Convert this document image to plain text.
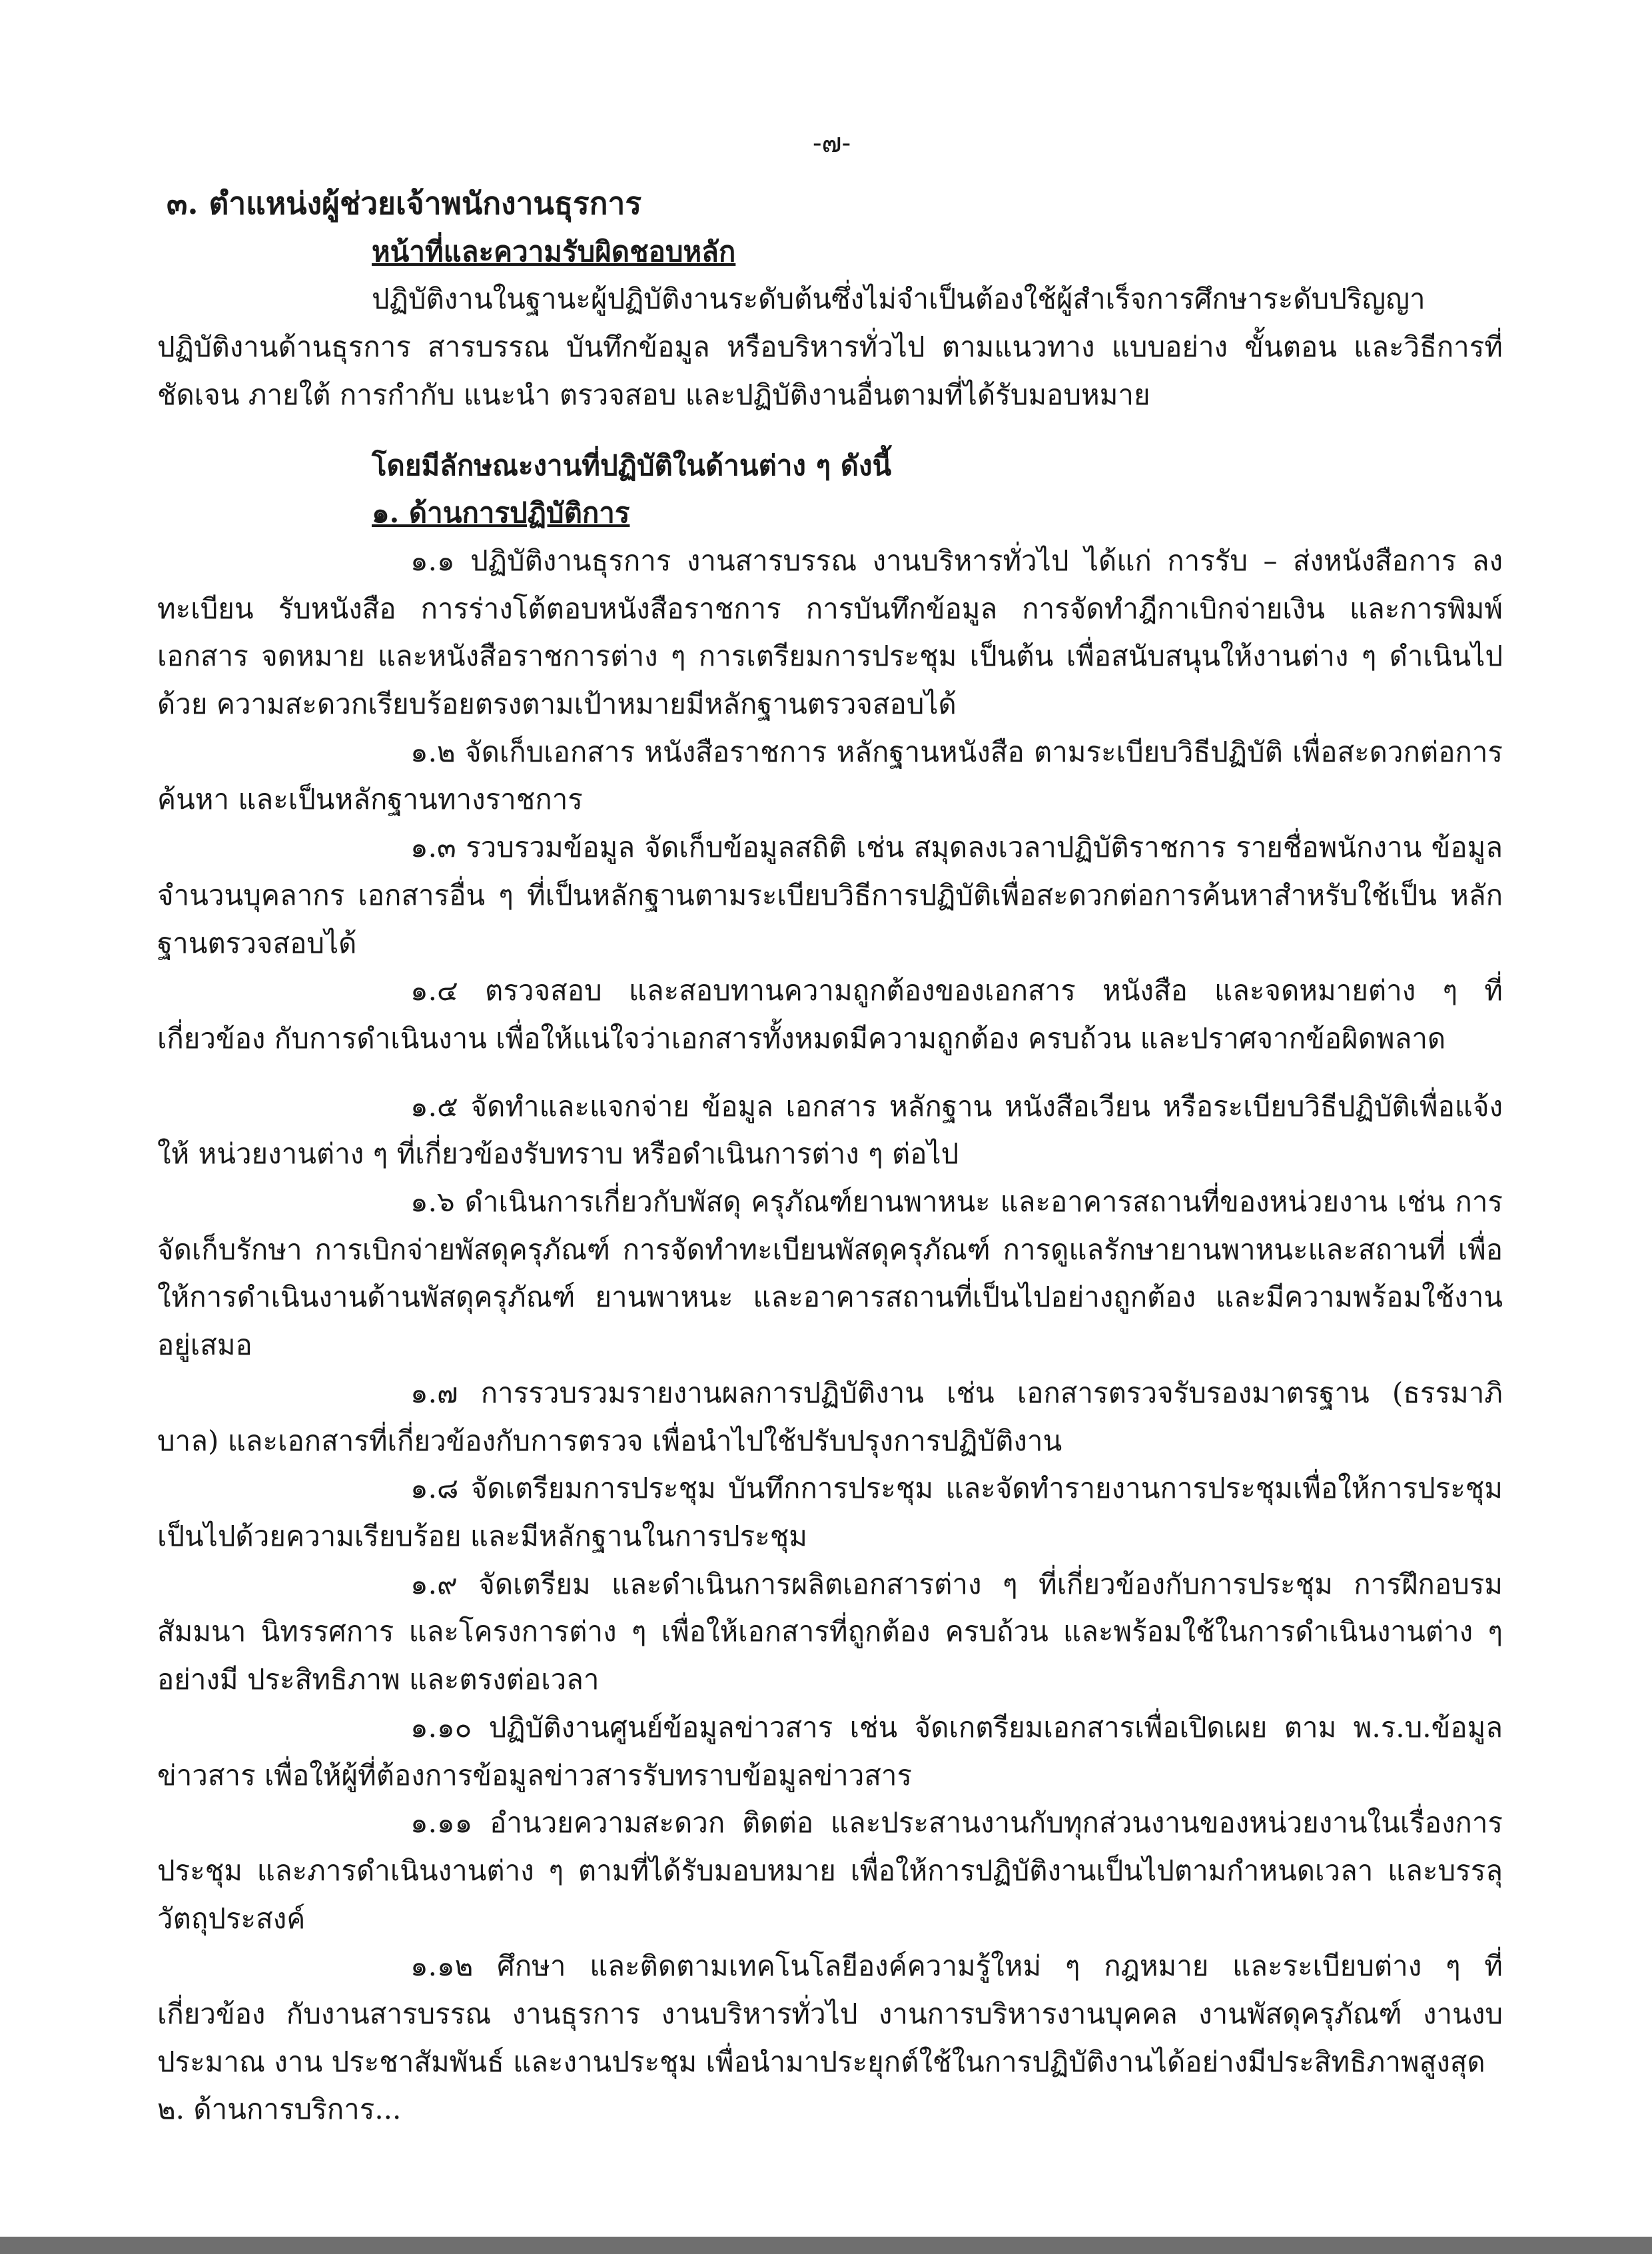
-๗-

๓. ตำแหน่งผู้ช่วยเจ้าพนักงานธุรการ

หน้าที่และความรับผิดชอบหลัก

ปฏิบัติงานในฐานะผู้ปฏิบัติงานระดับต้นซึ่งไม่จำเป็นต้องใช้ผู้สำเร็จการศึกษาระดับปริญญา ปฏิบัติงานด้านธุรการ สารบรรณ บันทึกข้อมูล หรือบริหารทั่วไป ตามแนวทาง แบบอย่าง ขั้นตอน และวิธีการที่ชัดเจน ภายใต้ การกำกับ แนะนำ ตรวจสอบ และปฏิบัติงานอื่นตามที่ได้รับมอบหมาย

โดยมีลักษณะงานที่ปฏิบัติในด้านต่าง ๆ ดังนี้

๑. ด้านการปฏิบัติการ

๑.๑ ปฏิบัติงานธุรการ งานสารบรรณ งานบริหารทั่วไป ได้แก่ การรับ – ส่งหนังสือการ ลงทะเบียน รับหนังสือ การร่างโต้ตอบหนังสือราชการ การบันทึกข้อมูล การจัดทำฎีกาเบิกจ่ายเงิน และการพิมพ์ เอกสาร จดหมาย และหนังสือราชการต่าง ๆ การเตรียมการประชุม เป็นต้น เพื่อสนับสนุนให้งานต่าง ๆ ดำเนินไปด้วย ความสะดวกเรียบร้อยตรงตามเป้าหมายมีหลักฐานตรวจสอบได้

๑.๒ จัดเก็บเอกสาร หนังสือราชการ หลักฐานหนังสือ ตามระเบียบวิธีปฏิบัติ เพื่อสะดวกต่อการ ค้นหา และเป็นหลักฐานทางราชการ

๑.๓ รวบรวมข้อมูล จัดเก็บข้อมูลสถิติ เช่น สมุดลงเวลาปฏิบัติราชการ รายชื่อพนักงาน ข้อมูล จำนวนบุคลากร เอกสารอื่น ๆ ที่เป็นหลักฐานตามระเบียบวิธีการปฏิบัติเพื่อสะดวกต่อการค้นหาสำหรับใช้เป็น หลักฐานตรวจสอบได้

๑.๔ ตรวจสอบ และสอบทานความถูกต้องของเอกสาร หนังสือ และจดหมายต่าง ๆ ที่เกี่ยวข้อง กับการดำเนินงาน เพื่อให้แน่ใจว่าเอกสารทั้งหมดมีความถูกต้อง ครบถ้วน และปราศจากข้อผิดพลาด

๑.๕ จัดทำและแจกจ่าย ข้อมูล เอกสาร หลักฐาน หนังสือเวียน หรือระเบียบวิธีปฏิบัติเพื่อแจ้งให้ หน่วยงานต่าง ๆ ที่เกี่ยวข้องรับทราบ หรือดำเนินการต่าง ๆ ต่อไป

๑.๖ ดำเนินการเกี่ยวกับพัสดุ ครุภัณฑ์ยานพาหนะ และอาคารสถานที่ของหน่วยงาน เช่น การ จัดเก็บรักษา การเบิกจ่ายพัสดุครุภัณฑ์ การจัดทำทะเบียนพัสดุครุภัณฑ์ การดูแลรักษายานพาหนะและสถานที่ เพื่อให้การดำเนินงานด้านพัสดุครุภัณฑ์ ยานพาหนะ และอาคารสถานที่เป็นไปอย่างถูกต้อง และมีความพร้อมใช้งาน อยู่เสมอ

๑.๗ การรวบรวมรายงานผลการปฏิบัติงาน เช่น เอกสารตรวจรับรองมาตรฐาน (ธรรมาภิบาล) และเอกสารที่เกี่ยวข้องกับการตรวจ เพื่อนำไปใช้ปรับปรุงการปฏิบัติงาน

๑.๘ จัดเตรียมการประชุม บันทึกการประชุม และจัดทำรายงานการประชุมเพื่อให้การประชุม เป็นไปด้วยความเรียบร้อย และมีหลักฐานในการประชุม

๑.๙ จัดเตรียม และดำเนินการผลิตเอกสารต่าง ๆ ที่เกี่ยวข้องกับการประชุม การฝึกอบรมสัมมนา นิทรรศการ และโครงการต่าง ๆ เพื่อให้เอกสารที่ถูกต้อง ครบถ้วน และพร้อมใช้ในการดำเนินงานต่าง ๆ อย่างมี ประสิทธิภาพ และตรงต่อเวลา

๑.๑๐ ปฏิบัติงานศูนย์ข้อมูลข่าวสาร เช่น จัดเกตรียมเอกสารเพื่อเปิดเผย ตาม พ.ร.บ.ข้อมูล ข่าวสาร เพื่อให้ผู้ที่ต้องการข้อมูลข่าวสารรับทราบข้อมูลข่าวสาร

๑.๑๑ อำนวยความสะดวก ติดต่อ และประสานงานกับทุกส่วนงานของหน่วยงานในเรื่องการ ประชุม และภารดำเนินงานต่าง ๆ ตามที่ได้รับมอบหมาย เพื่อให้การปฏิบัติงานเป็นไปตามกำหนดเวลา และบรรลุ วัตถุประสงค์

๑.๑๒ ศึกษา และติดตามเทคโนโลยีองค์ความรู้ใหม่ ๆ กฎหมาย และระเบียบต่าง ๆ ที่เกี่ยวข้อง กับงานสารบรรณ งานธุรการ งานบริหารทั่วไป งานการบริหารงานบุคคล งานพัสดุครุภัณฑ์ งานงบประมาณ งาน ประชาสัมพันธ์ และงานประชุม เพื่อนำมาประยุกต์ใช้ในการปฏิบัติงานได้อย่างมีประสิทธิภาพสูงสุด

๒. ด้านการบริการ...
